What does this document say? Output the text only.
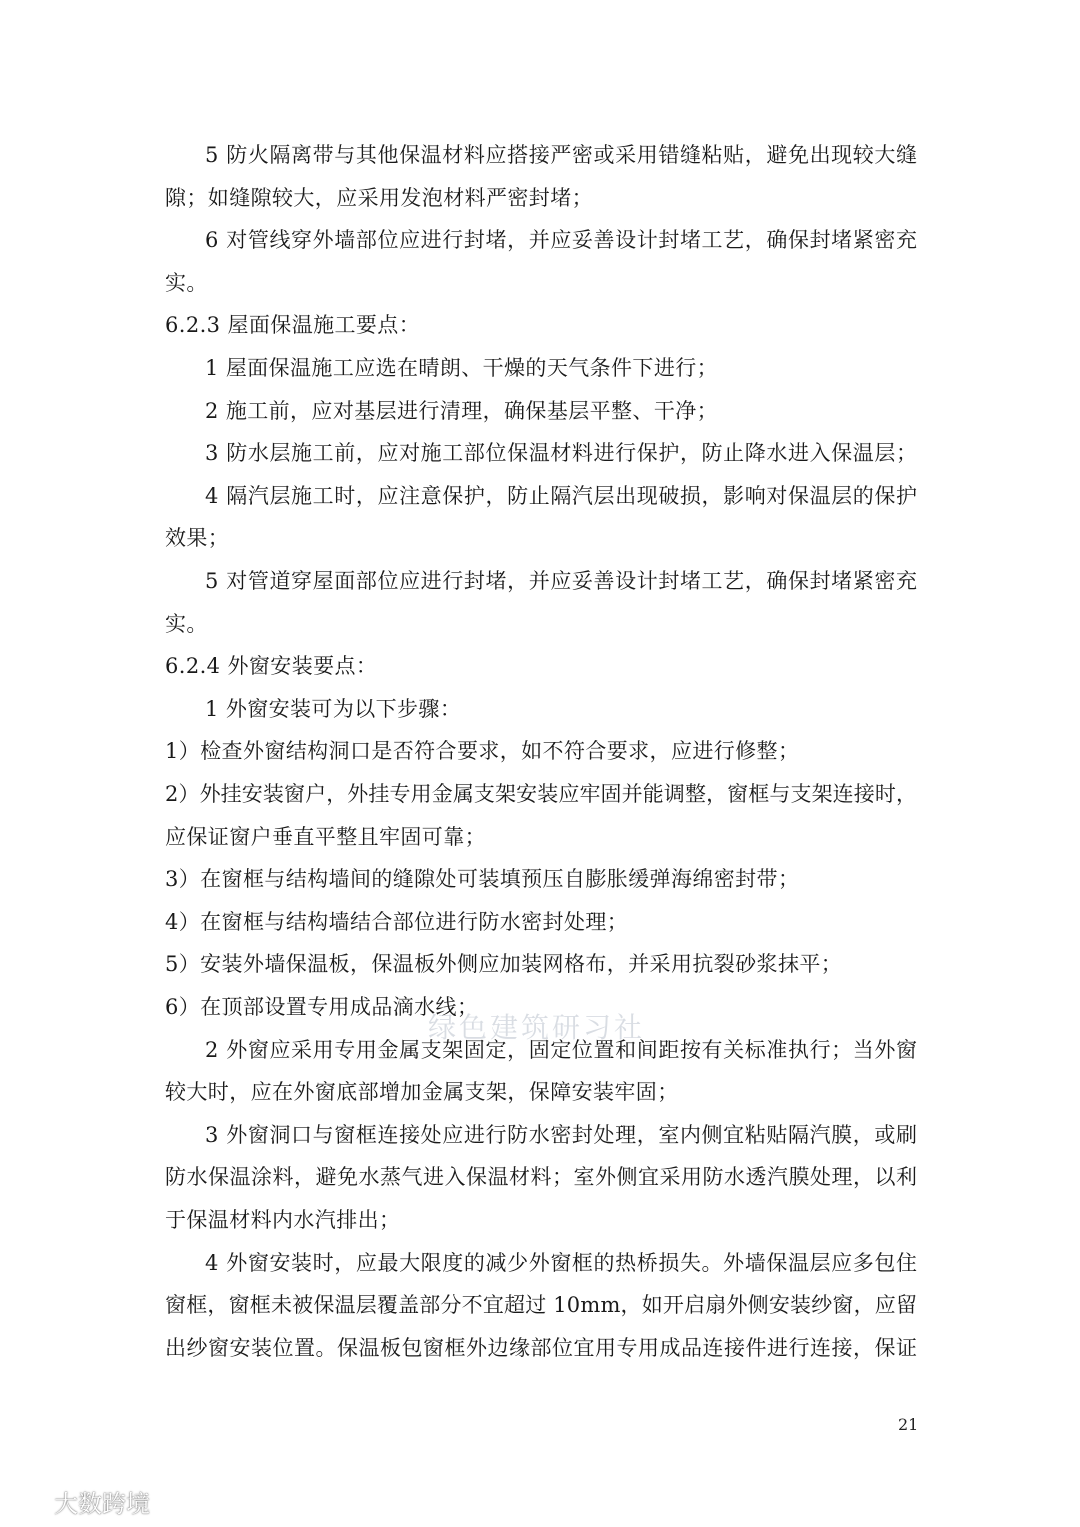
5 防火隔离带与其他保温材料应搭接严密或采用错缝粘贴，避免出现较大缝
隙；如缝隙较大，应采用发泡材料严密封堵；
6 对管线穿外墙部位应进行封堵，并应妥善设计封堵工艺，确保封堵紧密充
实。
6.2.3 屋面保温施工要点：
1 屋面保温施工应选在晴朗、干燥的天气条件下进行；
2 施工前，应对基层进行清理，确保基层平整、干净；
3 防水层施工前，应对施工部位保温材料进行保护，防止降水进入保温层；
4 隔汽层施工时，应注意保护，防止隔汽层出现破损，影响对保温层的保护
效果；
5 对管道穿屋面部位应进行封堵，并应妥善设计封堵工艺，确保封堵紧密充
实。
6.2.4 外窗安装要点：
1 外窗安装可为以下步骤：
1）检查外窗结构洞口是否符合要求，如不符合要求，应进行修整；
2）外挂安装窗户，外挂专用金属支架安装应牢固并能调整，窗框与支架连接时，
应保证窗户垂直平整且牢固可靠；
3）在窗框与结构墙间的缝隙处可装填预压自膨胀缓弹海绵密封带；
4）在窗框与结构墙结合部位进行防水密封处理；
5）安装外墙保温板，保温板外侧应加装网格布，并采用抗裂砂浆抹平；
6）在顶部设置专用成品滴水线；
2 外窗应采用专用金属支架固定，固定位置和间距按有关标准执行；当外窗
较大时，应在外窗底部增加金属支架，保障安装牢固；
3 外窗洞口与窗框连接处应进行防水密封处理，室内侧宜粘贴隔汽膜，或刷
防水保温涂料，避免水蒸气进入保温材料；室外侧宜采用防水透汽膜处理，以利
于保温材料内水汽排出；
4 外窗安装时，应最大限度的减少外窗框的热桥损失。外墙保温层应多包住
窗框，窗框未被保温层覆盖部分不宜超过 10mm，如开启扇外侧安装纱窗，应留
出纱窗安装位置。保温板包窗框外边缘部位宜用专用成品连接件进行连接，保证
绿色建筑研习社
21
大数跨境
